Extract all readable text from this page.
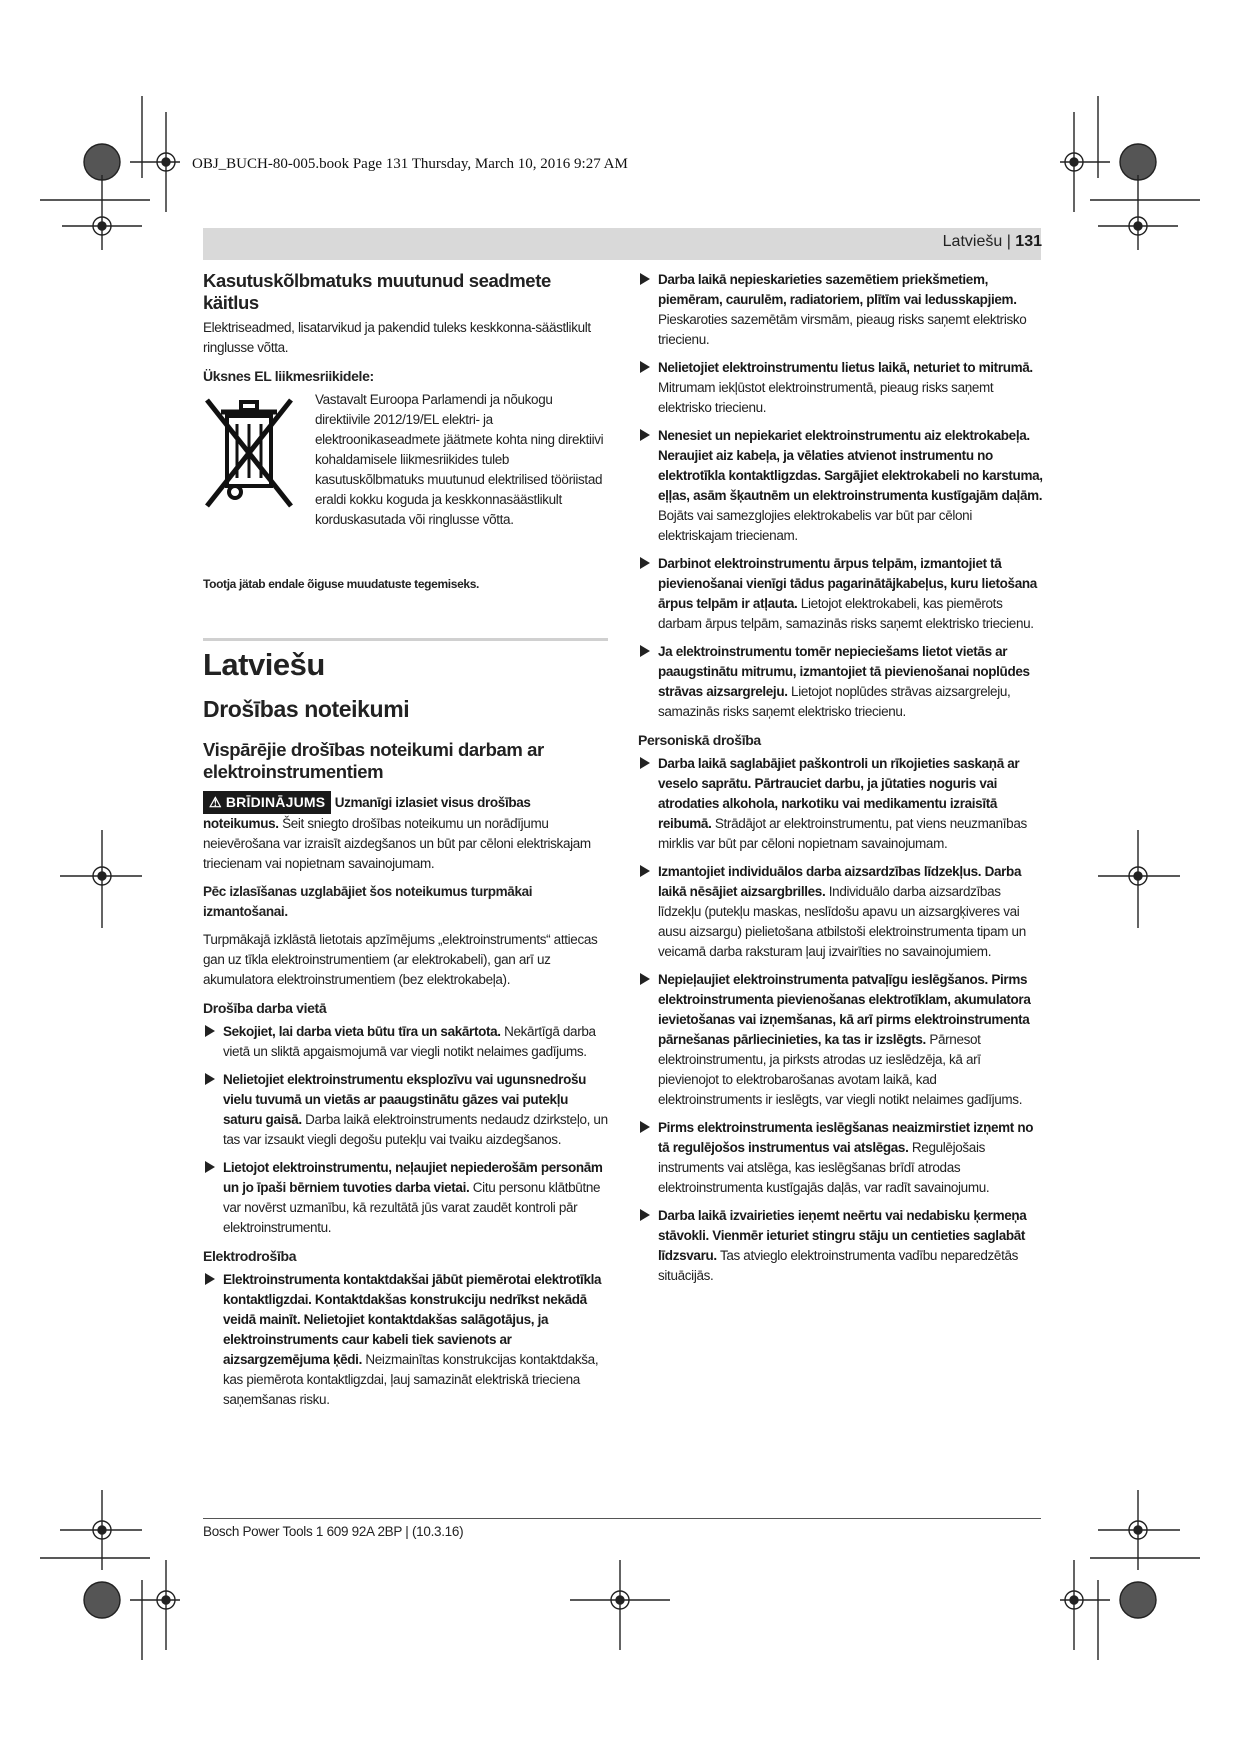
OBJ_BUCH-80-005.book Page 131 Thursday, March 10, 2016 9:27 AM
Latviešu | 131
Kasutuskõlbmatuks muutunud seadmete käitlus

Elektriseadmed, lisatarvikud ja pakendid tuleks keskkonna-säästlikult ringlusse võtta.

Üksnes EL liikmesriikidele:
Vastavalt Euroopa Parlamendi ja nõukogu direktiivile 2012/19/EL elektri- ja elektroonikaseadmete jäätmete kohta ning direktiivi kohaldamisele liikmesriikides tuleb kasutuskõlbmatuks muutunud elektrilised tööriistad eraldi kokku koguda ja keskkonnasäästlikult korduskasutada või ringlusse võtta.

Tootja jätab endale õiguse muudatuste tegemiseks.

Latviešu
Drošības noteikumi
Vispārējie drošības noteikumi darbam ar elektroinstrumentiem

⚠ BRĪDINĀJUMS Uzmanīgi izlasiet visus drošības noteikumus. Šeit sniegto drošības noteikumu un norādījumu neievērošana var izraisīt aizdegšanos un būt par cēloni elektriskajam triecienam vai nopietnam savainojumam.

Pēc izlasīšanas uzglabājiet šos noteikumus turpmākai izmantošanai.

Turpmākajā izklāstā lietotais apzīmējums „elektroinstruments“ attiecas gan uz tīkla elektroinstrumentiem (ar elektrokabeli), gan arī uz akumulatora elektroinstrumentiem (bez elektrokabeļa).

Drošība darba vietā
Sekojiet, lai darba vieta būtu tīra un sakārtota. Nekārtīgā darba vietā un sliktā apgaismojumā var viegli notikt nelaimes gadījums.
Nelietojiet elektroinstrumentu eksplozīvu vai ugunsnedrošu vielu tuvumā un vietās ar paaugstinātu gāzes vai putekļu saturu gaisā. Darba laikā elektroinstruments nedaudz dzirksteļo, un tas var izsaukt viegli degošu putekļu vai tvaiku aizdegšanos.
Lietojot elektroinstrumentu, neļaujiet nepiederošām personām un jo īpaši bērniem tuvoties darba vietai. Citu personu klātbūtne var novērst uzmanību, kā rezultātā jūs varat zaudēt kontroli pār elektroinstrumentu.
Elektrodrošība
Elektroinstrumenta kontaktdakšai jābūt piemērotai elektrotīkla kontaktligzdai. Kontaktdakšas konstrukciju nedrīkst nekādā veidā mainīt. Nelietojiet kontaktdakšas salāgotājus, ja elektroinstruments caur kabeli tiek savienots ar aizsargzemējuma ķēdi. Neizmainītas konstrukcijas kontaktdakša, kas piemērota kontaktligzdai, ļauj samazināt elektriskā trieciena saņemšanas risku.
Darba laikā nepieskarieties sazemētiem priekšmetiem, piemēram, caurulēm, radiatoriem, plītīm vai ledusskapjiem. Pieskaroties sazemētām virsmām, pieaug risks saņemt elektrisko triecienu.
Nelietojiet elektroinstrumentu lietus laikā, neturiet to mitrumā. Mitrumam iekļūstot elektroinstrumentā, pieaug risks saņemt elektrisko triecienu.
Nenesiet un nepiekariet elektroinstrumentu aiz elektrokabeļa. Neraujiet aiz kabeļa, ja vēlaties atvienot instrumentu no elektrotīkla kontaktligzdas. Sargājiet elektrokabeli no karstuma, eļļas, asām šķautnēm un elektroinstrumenta kustīgajām daļām. Bojāts vai samezglojies elektrokabelis var būt par cēloni elektriskajam triecienam.
Darbinot elektroinstrumentu ārpus telpām, izmantojiet tā pievienošanai vienīgi tādus pagarinātājkabeļus, kuru lietošana ārpus telpām ir atļauta. Lietojot elektrokabeli, kas piemērots darbam ārpus telpām, samazinās risks saņemt elektrisko triecienu.
Ja elektroinstrumentu tomēr nepieciešams lietot vietās ar paaugstinātu mitrumu, izmantojiet tā pievienošanai noplūdes strāvas aizsargreleju. Lietojot noplūdes strāvas aizsargreleju, samazinās risks saņemt elektrisko triecienu.
Personiskā drošība
Darba laikā saglabājiet paškontroli un rīkojieties saskaņā ar veselo saprātu. Pārtrauciet darbu, ja jūtaties noguris vai atrodaties alkohola, narkotiku vai medikamentu izraisītā reibumā. Strādājot ar elektroinstrumentu, pat viens neuzmanības mirklis var būt par cēloni nopietnam savainojumam.
Izmantojiet individuālos darba aizsardzības līdzekļus. Darba laikā nēsājiet aizsargbrilles. Individuālo darba aizsardzības līdzekļu (putekļu maskas, neslīdošu apavu un aizsargķiveres vai ausu aizsargu) pielietošana atbilstoši elektroinstrumenta tipam un veicamā darba raksturam ļauj izvairīties no savainojumiem.
Nepieļaujiet elektroinstrumenta patvaļīgu ieslēgšanos. Pirms elektroinstrumenta pievienošanas elektrotīklam, akumulatora ievietošanas vai izņemšanas, kā arī pirms elektroinstrumenta pārnešanas pārliecinieties, ka tas ir izslēgts. Pārnesot elektroinstrumentu, ja pirksts atrodas uz ieslēdzēja, kā arī pievienojot to elektrobarošanas avotam laikā, kad elektroinstruments ir ieslēgts, var viegli notikt nelaimes gadījums.
Pirms elektroinstrumenta ieslēgšanas neaizmirstiet izņemt no tā regulējošos instrumentus vai atslēgas. Regulējošais instruments vai atslēga, kas ieslēgšanas brīdī atrodas elektroinstrumenta kustīgajās daļās, var radīt savainojumu.
Darba laikā izvairieties ieņemt neērtu vai nedabisku ķermeņa stāvokli. Vienmēr ieturiet stingru stāju un centieties saglabāt līdzsvaru. Tas atvieglo elektroinstrumenta vadību neparedzētās situācijās.
Bosch Power Tools 1 609 92A 2BP | (10.3.16)
